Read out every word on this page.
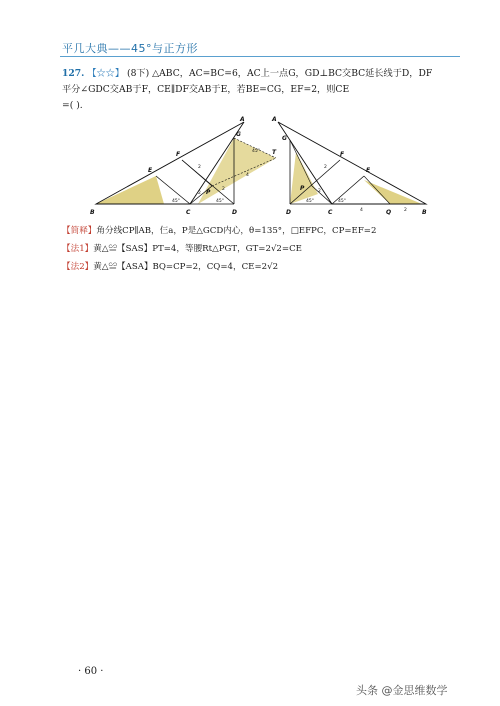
平几大典——45°与正方形
127. 【☆☆】 (8下) △ABC，AC=BC=6，AC上一点G，GD⊥BC交BC延长线于D，DF
平分∠GDC交AB于F，CE∥DF交AB于E，若BE=CG，EF=2，则CE
=( ).
A
B	C	D
E
F
G
P
T
45°	45°
45°
2
4
2
2
A
B
C
D
E
F
G
P
Q
45°
45°
2
4	2
2
【简释】角分线CP∥AB，仨a，P是△GCD内心，θ=135°，□EFPC，CP=EF=2
【法1】黄△≌【SAS】PT=4，等腰Rt△PGT，GT=2√2=CE
【法2】黄△≌【ASA】BQ=CP=2，CQ=4，CE=2√2
· 60 ·
头条 @金思维数学
